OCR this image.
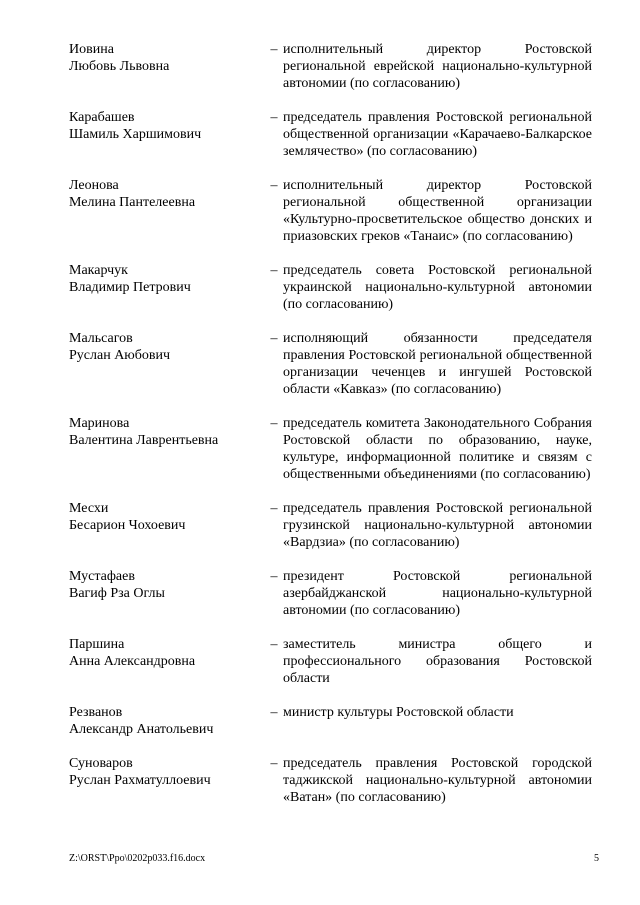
Иовина
Любовь Львовна
– исполнительный директор Ростовской региональной еврейской национально-культурной автономии (по согласованию)
Карабашев
Шамиль Харшимович
– председатель правления Ростовской региональной общественной организации «Карачаево-Балкарское землячество» (по согласованию)
Леонова
Мелина Пантелеевна
– исполнительный директор Ростовской региональной общественной организации «Культурно-просветительское общество донских и приазовских греков «Танаис» (по согласованию)
Макарчук
Владимир Петрович
– председатель совета Ростовской региональной украинской национально-культурной автономии (по согласованию)
Мальсагов
Руслан Аюбович
– исполняющий обязанности председателя правления Ростовской региональной общественной организации чеченцев и ингушей Ростовской области «Кавказ» (по согласованию)
Маринова
Валентина Лаврентьевна
– председатель комитета Законодательного Собрания Ростовской области по образованию, науке, культуре, информационной политике и связям с общественными объединениями (по согласованию)
Месхи
Бесарион Чохоевич
– председатель правления Ростовской региональной грузинской национально-культурной автономии «Вардзиа» (по согласованию)
Мустафаев
Вагиф Рза Оглы
– президент Ростовской региональной азербайджанской национально-культурной автономии (по согласованию)
Паршина
Анна Александровна
– заместитель министра общего и профессионального образования Ростовской области
Резванов
Александр Анатольевич
– министр культуры Ростовской области
Суноваров
Руслан Рахматуллоевич
– председатель правления Ростовской городской таджикской национально-культурной автономии «Ватан» (по согласованию)
Z:\ORST\Ppo\0202p033.f16.docx	5
